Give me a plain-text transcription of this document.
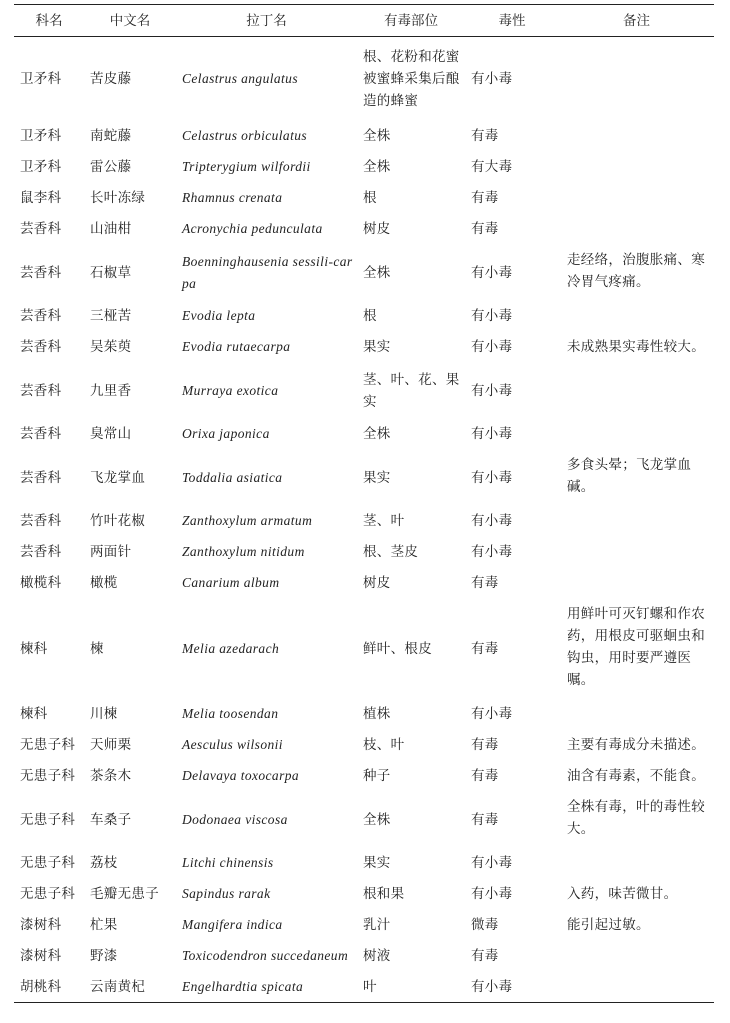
科名	中文名	拉丁名	有毒部位	毒性	备注
卫矛科	苦皮藤	Celastrus angulatus	根、花粉和花蜜被蜜蜂采集后酿造的蜂蜜	有小毒	
卫矛科	南蛇藤	Celastrus orbiculatus	全株	有毒	
卫矛科	雷公藤	Tripterygium wilfordii	全株	有大毒	
鼠李科	长叶冻绿	Rhamnus crenata	根	有毒	
芸香科	山油柑	Acronychia pedunculata	树皮	有毒	
芸香科	石椒草	Boenninghausenia sessili-carpa	全株	有小毒	走经络，治腹胀痛、寒冷胃气疼痛。
芸香科	三桠苦	Evodia lepta	根	有小毒	
芸香科	吴茱萸	Evodia rutaecarpa	果实	有小毒	未成熟果实毒性较大。
芸香科	九里香	Murraya exotica	茎、叶、花、果实	有小毒	
芸香科	臭常山	Orixa japonica	全株	有小毒	
芸香科	飞龙掌血	Toddalia asiatica	果实	有小毒	多食头晕；飞龙掌血碱。
芸香科	竹叶花椒	Zanthoxylum armatum	茎、叶	有小毒	
芸香科	两面针	Zanthoxylum nitidum	根、茎皮	有小毒	
橄榄科	橄榄	Canarium album	树皮	有毒	
楝科	楝	Melia azedarach	鲜叶、根皮	有毒	用鲜叶可灭钉螺和作农药，用根皮可驱蛔虫和钩虫，用时要严遵医嘱。
楝科	川楝	Melia toosendan	植株	有小毒	
无患子科	天师栗	Aesculus wilsonii	枝、叶	有毒	主要有毒成分未描述。
无患子科	茶条木	Delavaya toxocarpa	种子	有毒	油含有毒素，不能食。
无患子科	车桑子	Dodonaea viscosa	全株	有毒	全株有毒，叶的毒性较大。
无患子科	荔枝	Litchi chinensis	果实	有小毒	
无患子科	毛瓣无患子	Sapindus rarak	根和果	有小毒	入药，味苦微甘。
漆树科	杧果	Mangifera indica	乳汁	微毒	能引起过敏。
漆树科	野漆	Toxicodendron succedaneum	树液	有毒	
胡桃科	云南黄杞	Engelhardtia spicata	叶	有小毒	
